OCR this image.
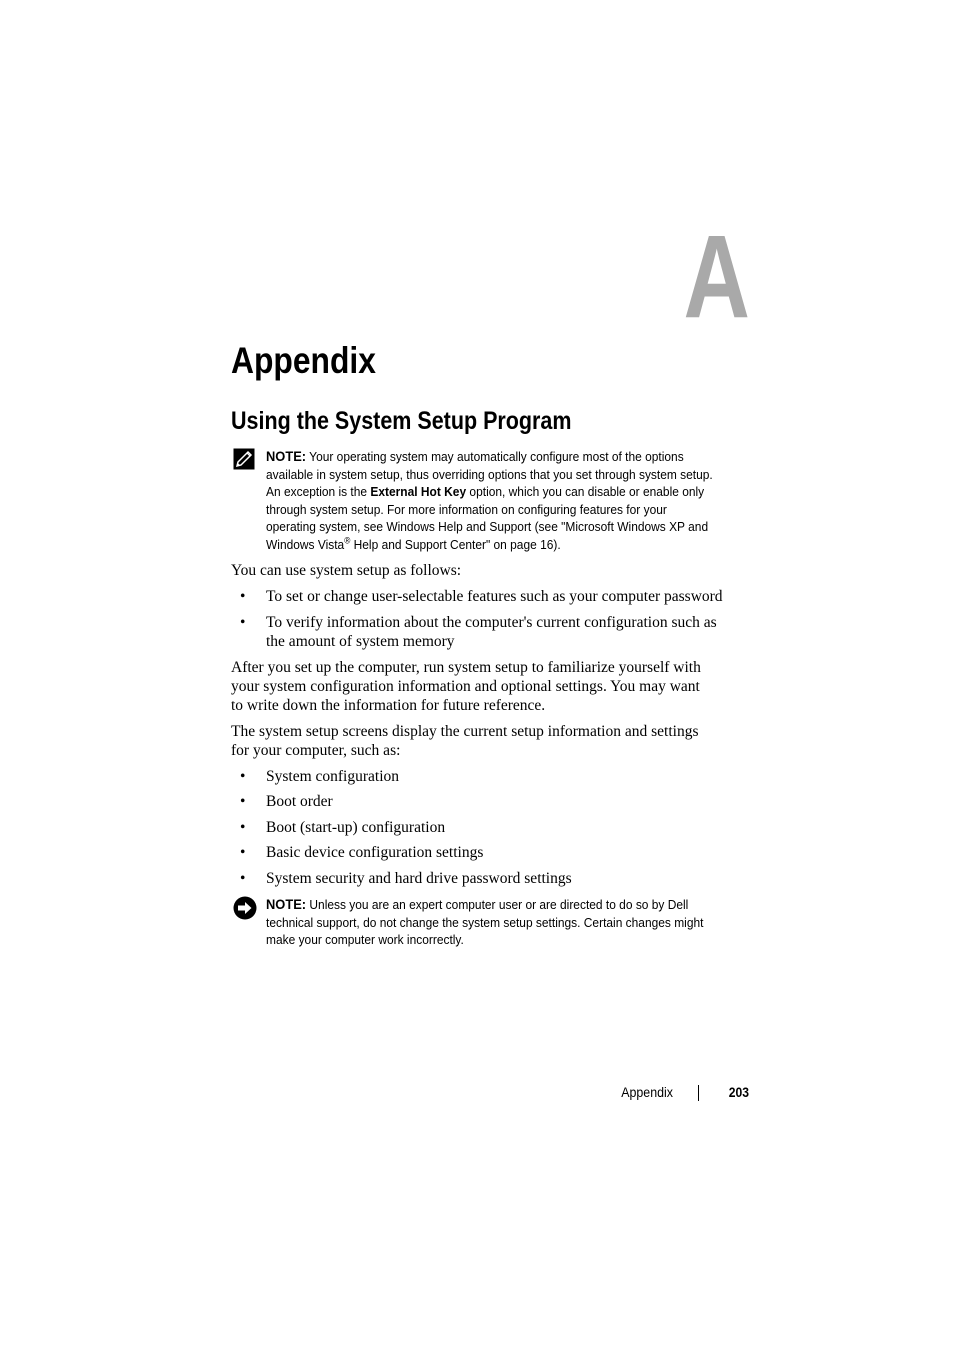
A
Appendix
Using the System Setup Program
NOTE: Your operating system may automatically configure most of the options
available in system setup, thus overriding options that you set through system setup.
An exception is the External Hot Key option, which you can disable or enable only
through system setup. For more information on configuring features for your
operating system, see Windows Help and Support (see "Microsoft Windows XP and
Windows Vista® Help and Support Center" on page 16).

You can use system setup as follows:

• To set or change user-selectable features such as your computer password
• To verify information about the computer's current configuration such as
the amount of system memory

After you set up the computer, run system setup to familiarize yourself with
your system configuration information and optional settings. You may want
to write down the information for future reference.

The system setup screens display the current setup information and settings
for your computer, such as:

• System configuration
• Boot order
• Boot (start-up) configuration
• Basic device configuration settings
• System security and hard drive password settings
NOTE: Unless you are an expert computer user or are directed to do so by Dell
technical support, do not change the system setup settings. Certain changes might
make your computer work incorrectly.
Appendix	203
